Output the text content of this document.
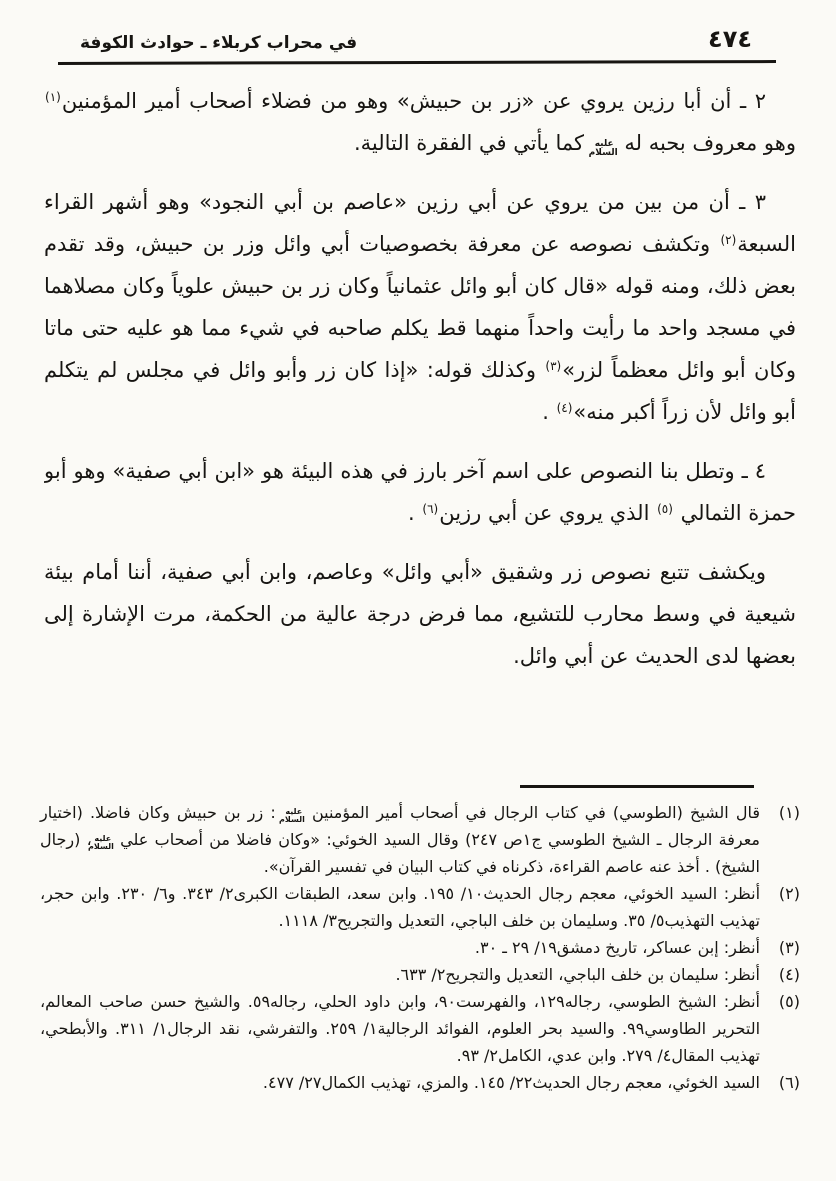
٤٧٤
في محراب كربلاء ـ حوادث الكوفة

٢ ـ أن أبا رزين يروي عن «زر بن حبيش» وهو من فضلاء أصحاب أمير المؤمنين$^{(١)}$ وهو معروف بحبه له عليه السلام كما يأتي في الفقرة التالية.

٣ ـ أن من بين من يروي عن أبي رزين «عاصم بن أبي النجود» وهو أشهر القراء السبعة$^{(٢)}$ وتكشف نصوصه عن معرفة بخصوصيات أبي وائل وزر بن حبيش، وقد تقدم بعض ذلك، ومنه قوله «قال كان أبو وائل عثمانياً وكان زر بن حبيش علوياً وكان مصلاهما في مسجد واحد ما رأيت واحداً منهما قط يكلم صاحبه في شيء مما هو عليه حتى ماتا وكان أبو وائل معظماً لزر»$^{(٣)}$ وكذلك قوله: «إذا كان زر وأبو وائل في مجلس لم يتكلم أبو وائل لأن زراً أكبر منه»$^{(٤)}$ .

٤ ـ وتطل بنا النصوص على اسم آخر بارز في هذه البيئة هو «ابن أبي صفية» وهو أبو حمزة الثمالي $^{(٥)}$ الذي يروي عن أبي رزين$^{(٦)}$ .

ويكشف تتبع نصوص زر وشقيق «أبي وائل» وعاصم، وابن أبي صفية، أننا أمام بيئة شيعية في وسط محارب للتشيع، مما فرض درجة عالية من الحكمة، مرت الإشارة إلى بعضها لدى الحديث عن أبي وائل.

(١)
قال الشيخ (الطوسي) في كتاب الرجال في أصحاب أمير المؤمنين عليه السلام : زر بن حبيش وكان فاضلا. (اختيار معرفة الرجال ـ الشيخ الطوسي ج١ص ٢٤٧) وقال السيد الخوئي: «وكان فاضلا من أصحاب علي عليه السلام، (رجال الشيخ) . أخذ عنه عاصم القراءة، ذكرناه في كتاب البيان في تفسير القرآن».
(٢)
أنظر: السيد الخوئي، معجم رجال الحديث١٠/ ١٩٥. وابن سعد، الطبقات الكبرى٢/ ٣٤٣. و٦/ ٢٣٠. وابن حجر، تهذيب التهذيب٥/ ٣٥. وسليمان بن خلف الباجي، التعديل والتجريح٣/ ١١١٨.
(٣)
أنظر: إبن عساكر، تاريخ دمشق١٩/ ٢٩ ـ ٣٠.
(٤)
أنظر: سليمان بن خلف الباجي، التعديل والتجريح٢/ ٦٣٣.
(٥)
أنظر: الشيخ الطوسي، رجاله١٢٩، والفهرست٩٠، وابن داود الحلي، رجاله٥٩. والشيخ حسن صاحب المعالم، التحرير الطاوسي٩٩. والسيد بحر العلوم، الفوائد الرجالية١/ ٢٥٩. والتفرشي، نقد الرجال١/ ٣١١. والأبطحي، تهذيب المقال٤/ ٢٧٩. وابن عدي، الكامل٢/ ٩٣.
(٦)
السيد الخوئي، معجم رجال الحديث٢٢/ ١٤٥. والمزي، تهذيب الكمال٢٧/ ٤٧٧.
